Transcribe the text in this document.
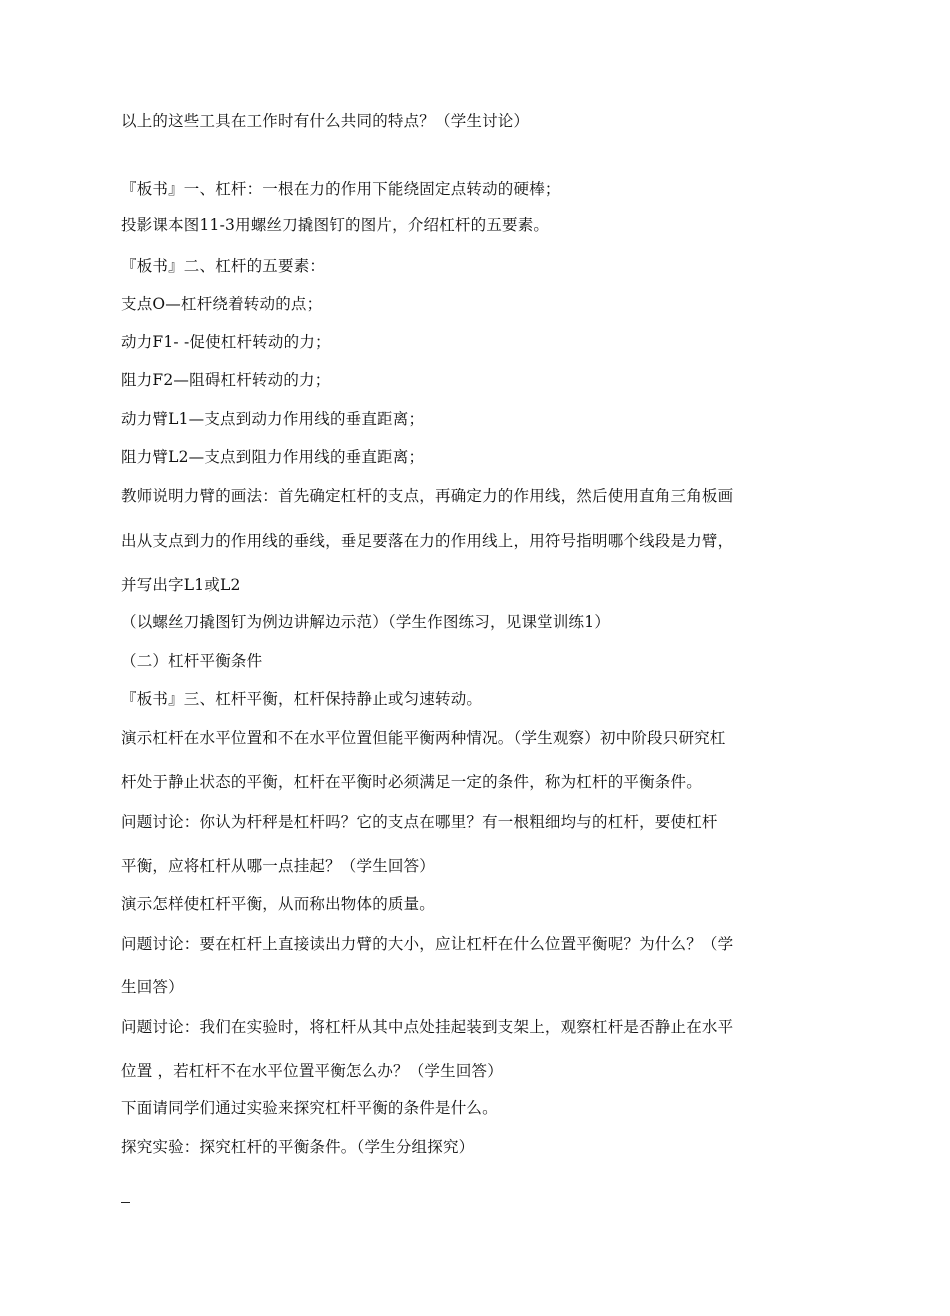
以上的这些工具在工作时有什么共同的特点？（学生讨论）
『板书』一、杠杆：一根在力的作用下能绕固定点转动的硬棒；
投影课本图11-3用螺丝刀撬图钉的图片，介绍杠杆的五要素。
『板书』二、杠杆的五要素：
支点O—杠杆绕着转动的点；
动力F1- -促使杠杆转动的力；
阻力F2—阻碍杠杆转动的力；
动力臂L1—支点到动力作用线的垂直距离；
阻力臂L2—支点到阻力作用线的垂直距离；
教师说明力臂的画法：首先确定杠杆的支点，再确定力的作用线，然后使用直角三角板画
出从支点到力的作用线的垂线，垂足要落在力的作用线上，用符号指明哪个线段是力臂，
并写出字L1或L2
（以螺丝刀撬图钉为例边讲解边示范）（学生作图练习，见课堂训练1）
（二）杠杆平衡条件
『板书』三、杠杆平衡，杠杆保持静止或匀速转动。
演示杠杆在水平位置和不在水平位置但能平衡两种情况。（学生观察）初中阶段只研究杠
杆处于静止状态的平衡，杠杆在平衡时必须满足一定的条件，称为杠杆的平衡条件。
问题讨论：你认为杆秤是杠杆吗？它的支点在哪里？有一根粗细均与的杠杆，要使杠杆
平衡，应将杠杆从哪一点挂起？（学生回答）
演示怎样使杠杆平衡，从而称出物体的质量。
问题讨论：要在杠杆上直接读出力臂的大小，应让杠杆在什么位置平衡呢？为什么？（学
生回答）
问题讨论：我们在实验时，将杠杆从其中点处挂起装到支架上，观察杠杆是否静止在水平
位置 ，若杠杆不在水平位置平衡怎么办？（学生回答）
下面请同学们通过实验来探究杠杆平衡的条件是什么。
探究实验：探究杠杆的平衡条件。（学生分组探究）
